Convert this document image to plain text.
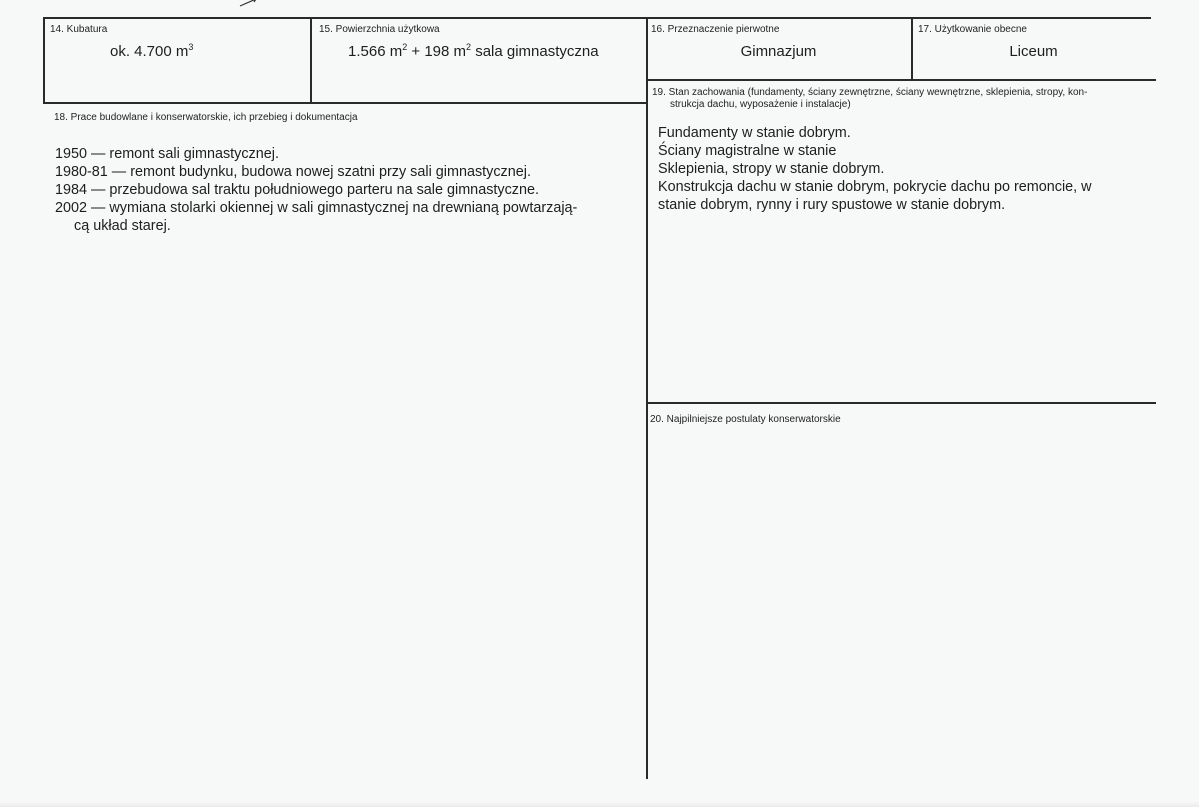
14. Kubatura
ok. 4.700 $m^3$
15. Powierzchnia użytkowa
1.566 $m^2 + 198$ $m^2$ sala gimnastyczna
16. Przeznaczenie pierwotne
Gimnazjum
17. Użytkowanie obecne
Liceum
18. Prace budowlane i konserwatorskie, ich przebieg i dokumentacja
1950 — remont sali gimnastycznej.
1980-81 — remont budynku, budowa nowej szatni przy sali gimnastycznej.
1984 — przebudowa sal traktu południowego parteru na sale gimnastyczne.
2002 — wymiana stolarki okiennej w sali gimnastycznej na drewnianą powtarzają-
cą układ starej.
19. Stan zachowania (fundamenty, ściany zewnętrzne, ściany wewnętrzne, sklepienia, stropy, kon-
strukcja dachu, wyposażenie i instalacje)
Fundamenty w stanie dobrym.
Ściany magistralne w stanie
Sklepienia, stropy w stanie dobrym.
Konstrukcja dachu w stanie dobrym, pokrycie dachu po remoncie, w
stanie dobrym, rynny i rury spustowe w stanie dobrym.
20. Najpilniejsze postulaty konserwatorskie
